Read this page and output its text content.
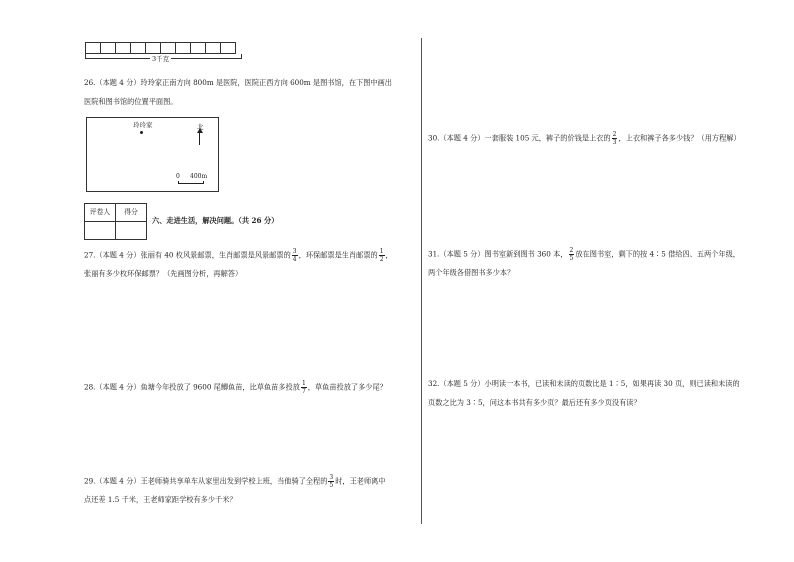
3千克
26.（本题 4 分）玲玲家正南方向 800m 是医院，医院正西方向 600m 是图书馆，在下图中画出
医院和图书馆的位置平面图。
玲玲家	北
0 400m
评卷人	得分

六、走进生活，解决问题。（共 26 分）
27.（本题 4 分）张丽有 40 枚风景邮票，生肖邮票是风景邮票的 $\frac{3}{4}$ ，环保邮票是生肖邮票的 $\frac{1}{2}$ ，
张丽有多少枚环保邮票？（先画图分析，再解答）
28.（本题 4 分）鱼塘今年投放了 9600 尾鲫鱼苗，比草鱼苗多投放 $\frac{1}{7}$ ，草鱼苗投放了多少尾？
29.（本题 4 分）王老师骑共享单车从家里出发到学校上班，当他骑了全程的 $\frac{3}{5}$ 时，王老师离中
点还差 1.5 千米，王老师家距学校有多少千米？
30.（本题 4 分）一套服装 105 元，裤子的价钱是上衣的 $\frac{2}{3}$ ，上衣和裤子各多少钱？（用方程解）
31.（本题 5 分）图书室新到图书 360 本， $\frac{2}{5}$ 放在图书室，剩下的按 4∶5 借给四、五两个年级，
两个年级各借图书多少本？
32.（本题 5 分）小明读一本书，已读和未读的页数比是 1∶5，如果再读 30 页，则已读和未读的
页数之比为 3∶5，问这本书共有多少页？最后还有多少页没有读？
